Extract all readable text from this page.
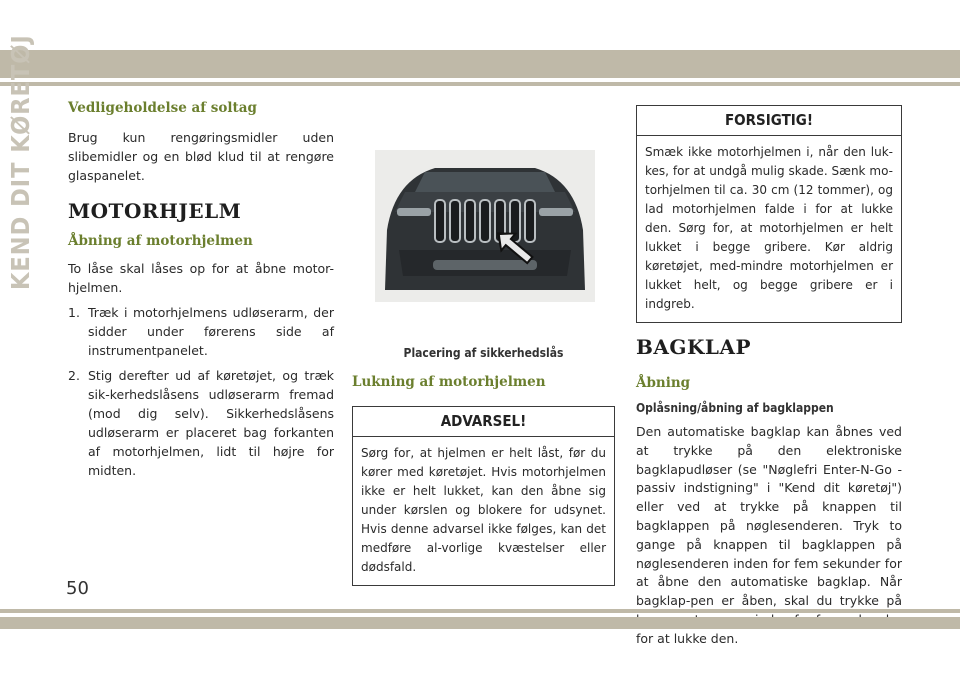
KEND DIT KØRETØJ Vedligeholdelse af soltag

Brug kun rengøringsmidler uden slibemidler og en blød klud til at rengøre glaspanelet.

MOTORHJELM
Åbning af motorhjelmen

To låse skal låses op for at åbne motor-hjelmen.

1. Træk i motorhjelmens udløserarm, der sidder under førerens side af instrumentpanelet.
2. Stig derefter ud af køretøjet, og træk sik-kerhedslåsens udløserarm fremad (mod dig selv). Sikkerhedslåsens udløserarm er placeret bag forkanten af motorhjelmen, lidt til højre for midten.
Placering af sikkerhedslås
Lukning af motorhjelmen
ADVARSEL!
Sørg for, at hjelmen er helt låst, før du kører med køretøjet. Hvis motorhjelmen ikke er helt lukket, kan den åbne sig under kørslen og blokere for udsynet. Hvis denne advarsel ikke følges, kan det medføre al-vorlige kvæstelser eller dødsfald.
FORSIGTIG!
Smæk ikke motorhjelmen i, når den luk-kes, for at undgå mulig skade. Sænk mo-torhjelmen til ca. 30 cm (12 tommer), og lad motorhjelmen falde i for at lukke den. Sørg for, at motorhjelmen er helt lukket i begge gribere. Kør aldrig køretøjet, med-mindre motorhjelmen er lukket helt, og begge gribere er i indgreb.
BAGKLAP
Åbning
Oplåsning/åbning af bagklappen

Den automatiske bagklap kan åbnes ved at trykke på den elektroniske bagklapudløser (se "Nøglefri Enter-N-Go - passiv indstigning" i "Kend dit køretøj") eller ved at trykke på knappen til bagklappen på nøglesenderen. Tryk to gange på knappen til bagklappen på nøglesenderen inden for fem sekunder for at åbne den automatiske bagklap. Når bagklap-pen er åben, skal du trykke på for at lukke den.

50
